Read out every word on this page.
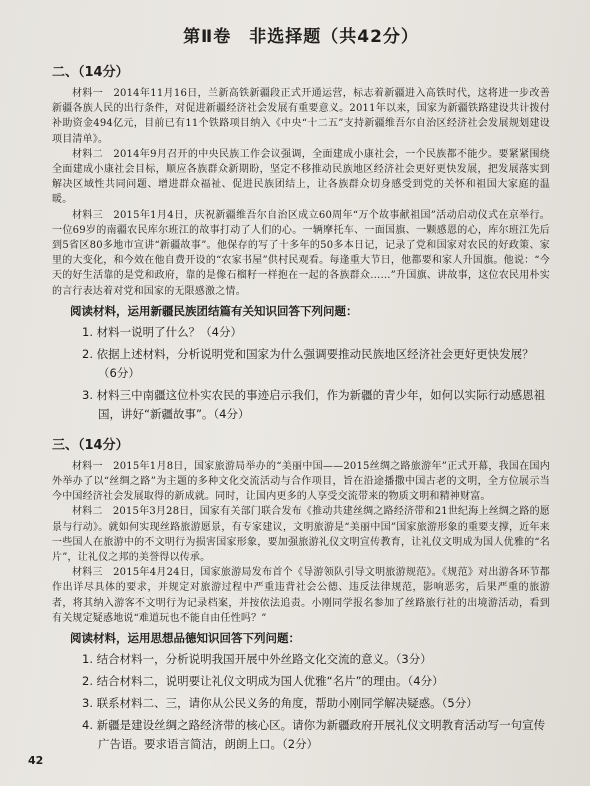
第Ⅱ卷　非选择题（共42分）
二、（14分）

材料一　2014年11月16日，兰新高铁新疆段正式开通运营，标志着新疆进入高铁时代，这将进一步改善新疆各族人民的出行条件，对促进新疆经济社会发展有重要意义。2011年以来，国家为新疆铁路建设共计拨付补助资金494亿元，目前已有11个铁路项目纳入《中央“十二五”支持新疆维吾尔自治区经济社会发展规划建设项目清单》。

材料二　2014年9月召开的中央民族工作会议强调，全面建成小康社会，一个民族都不能少。要紧紧围绕全面建成小康社会目标，顺应各族群众新期盼，坚定不移推动民族地区经济社会更好更快发展，把发展落实到解决区域性共同问题、增进群众福祉、促进民族团结上，让各族群众切身感受到党的关怀和祖国大家庭的温暖。

材料三　2015年1月4日，庆祝新疆维吾尔自治区成立60周年“万个故事献祖国”活动启动仪式在京举行。一位69岁的南疆农民库尔班江的故事打动了人们的心。一辆摩托车、一面国旗、一颗感恩的心，库尔班江先后到5省区80多地市宣讲“新疆故事”。他保存的写了十多年的50多本日记，记录了党和国家对农民的好政策、家里的大变化，和今效在他自费开设的“农家书屋”供村民观看。每逢重大节日，他都要和家人升国旗。他说：“今天的好生活靠的是党和政府，靠的是像石榴籽一样抱在一起的各族群众……”升国旗、讲故事，这位农民用朴实的言行表达着对党和国家的无限感激之情。

阅读材料，运用新疆民族团结篇有关知识回答下列问题：
1. 材料一说明了什么？（4分）
2. 依据上述材料，分析说明党和国家为什么强调要推动民族地区经济社会更好更快发展？（6分）
3. 材料三中南疆这位朴实农民的事迹启示我们，作为新疆的青少年，如何以实际行动感恩祖国，讲好“新疆故事”。（4分）
三、（14分）

材料一　2015年1月8日，国家旅游局举办的“美丽中国——2015丝绸之路旅游年”正式开幕，我国在国内外举办了以“丝绸之路”为主题的多种文化交流活动与合作项目，旨在沿途播撒中国古老的文明，全方位展示当今中国经济社会发展取得的新成就。同时，让国内更多的人享受交流带来的物质文明和精神财富。

材料二　2015年3月28日，国家有关部门联合发布《推动共建丝绸之路经济带和21世纪海上丝绸之路的愿景与行动》。就如何实现丝路旅游愿景，有专家建议，文明旅游是“美丽中国”国家旅游形象的重要支撑，近年来一些国人在旅游中的不文明行为损害国家形象，要加强旅游礼仪文明宣传教育，让礼仪文明成为国人优雅的“名片”，让礼仪之邦的美誉得以传承。

材料三　2015年4月24日，国家旅游局发布首个《导游领队引导文明旅游规范》。《规范》对出游各环节都作出详尽具体的要求，并规定对旅游过程中严重违背社会公德、违反法律规范，影响恶劣，后果严重的旅游者，将其纳入游客不文明行为记录档案，并按依法追责。小刚同学报名参加了丝路旅行社的出境游活动，看到有关规定疑惑地说“难道玩也不能自由任性吗？”

阅读材料，运用思想品德知识回答下列问题：
1. 结合材料一，分析说明我国开展中外丝路文化交流的意义。（3分）
2. 结合材料二，说明要让礼仪文明成为国人优雅“名片”的理由。（4分）
3. 联系材料二、三，请你从公民义务的角度，帮助小刚同学解决疑惑。（5分）
4. 新疆是建设丝绸之路经济带的核心区。请你为新疆政府开展礼仪文明教育活动写一句宣传广告语。要求语言简洁，朗朗上口。（2分）
42
